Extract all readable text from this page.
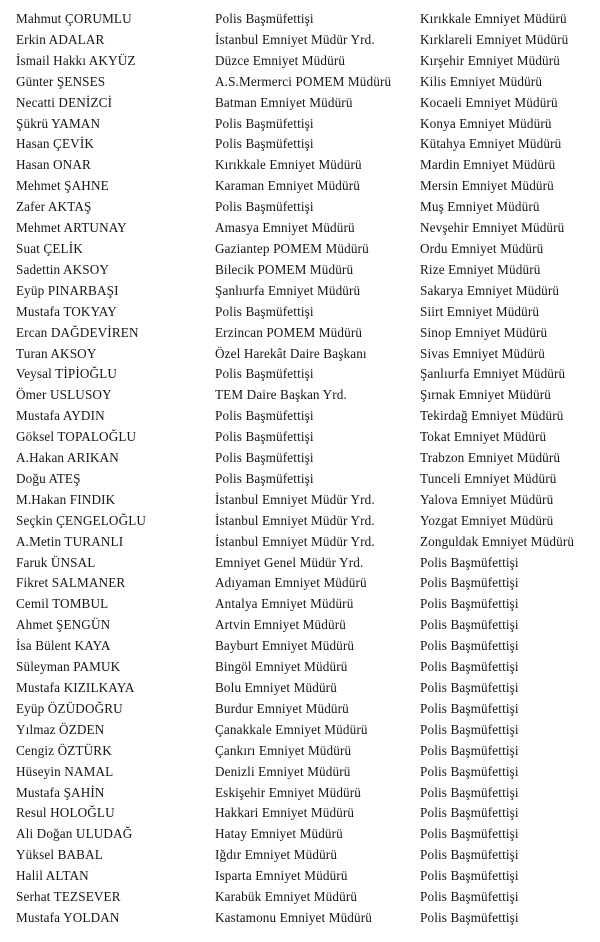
Mahmut ÇORUMLU	Polis Başmüfettişi	Kırıkkale Emniyet Müdürü
Erkin ADALAR	İstanbul Emniyet Müdür Yrd.	Kırklareli Emniyet Müdürü
İsmail Hakkı AKYÜZ	Düzce Emniyet Müdürü	Kırşehir Emniyet Müdürü
Günter ŞENSES	A.S.Mermerci POMEM Müdürü	Kilis Emniyet Müdürü
Necatti DENİZCİ	Batman Emniyet Müdürü	Kocaeli Emniyet Müdürü
Şükrü YAMAN	Polis Başmüfettişi	Konya Emniyet Müdürü
Hasan ÇEVİK	Polis Başmüfettişi	Kütahya Emniyet Müdürü
Hasan ONAR	Kırıkkale Emniyet Müdürü	Mardin Emniyet Müdürü
Mehmet ŞAHNE	Karaman Emniyet Müdürü	Mersin Emniyet Müdürü
Zafer AKTAŞ	Polis Başmüfettişi	Muş Emniyet Müdürü
Mehmet ARTUNAY	Amasya Emniyet Müdürü	Nevşehir Emniyet Müdürü
Suat ÇELİK	Gaziantep POMEM Müdürü	Ordu Emniyet Müdürü
Sadettin AKSOY	Bilecik POMEM Müdürü	Rize Emniyet Müdürü
Eyüp PINARBAŞI	Şanlıurfa Emniyet Müdürü	Sakarya Emniyet Müdürü
Mustafa TOKYAY	Polis Başmüfettişi	Siirt Emniyet Müdürü
Ercan DAĞDEVİREN	Erzincan POMEM Müdürü	Sinop Emniyet Müdürü
Turan AKSOY	Özel Harekât Daire Başkanı	Sivas Emniyet Müdürü
Veysal TİPİOĞLU	Polis Başmüfettişi	Şanlıurfa Emniyet Müdürü
Ömer USLUSOY	TEM Daire Başkan Yrd.	Şırnak Emniyet Müdürü
Mustafa AYDIN	Polis Başmüfettişi	Tekirdağ Emniyet Müdürü
Göksel TOPALOĞLU	Polis Başmüfettişi	Tokat Emniyet Müdürü
A.Hakan ARIKAN	Polis Başmüfettişi	Trabzon Emniyet Müdürü
Doğu ATEŞ	Polis Başmüfettişi	Tunceli Emniyet Müdürü
M.Hakan FINDIK	İstanbul Emniyet Müdür Yrd.	Yalova Emniyet Müdürü
Seçkin ÇENGELOĞLU	İstanbul Emniyet Müdür Yrd.	Yozgat Emniyet Müdürü
A.Metin TURANLI	İstanbul Emniyet Müdür Yrd.	Zonguldak Emniyet Müdürü
Faruk ÜNSAL	Emniyet Genel Müdür Yrd.	Polis Başmüfettişi
Fikret SALMANER	Adıyaman Emniyet Müdürü	Polis Başmüfettişi
Cemil TOMBUL	Antalya Emniyet Müdürü	Polis Başmüfettişi
Ahmet ŞENGÜN	Artvin Emniyet Müdürü	Polis Başmüfettişi
İsa Bülent KAYA	Bayburt Emniyet Müdürü	Polis Başmüfettişi
Süleyman PAMUK	Bingöl Emniyet Müdürü	Polis Başmüfettişi
Mustafa KIZILKAYA	Bolu Emniyet Müdürü	Polis Başmüfettişi
Eyüp ÖZÜDOĞRU	Burdur Emniyet Müdürü	Polis Başmüfettişi
Yılmaz ÖZDEN	Çanakkale Emniyet Müdürü	Polis Başmüfettişi
Cengiz ÖZTÜRK	Çankırı Emniyet Müdürü	Polis Başmüfettişi
Hüseyin NAMAL	Denizli Emniyet Müdürü	Polis Başmüfettişi
Mustafa ŞAHİN	Eskişehir Emniyet Müdürü	Polis Başmüfettişi
Resul HOLOĞLU	Hakkari Emniyet Müdürü	Polis Başmüfettişi
Ali Doğan ULUDAĞ	Hatay Emniyet Müdürü	Polis Başmüfettişi
Yüksel BABAL	Iğdır Emniyet Müdürü	Polis Başmüfettişi
Halil ALTAN	Isparta Emniyet Müdürü	Polis Başmüfettişi
Serhat TEZSEVER	Karabük Emniyet Müdürü	Polis Başmüfettişi
Mustafa YOLDAN	Kastamonu Emniyet Müdürü	Polis Başmüfettişi
